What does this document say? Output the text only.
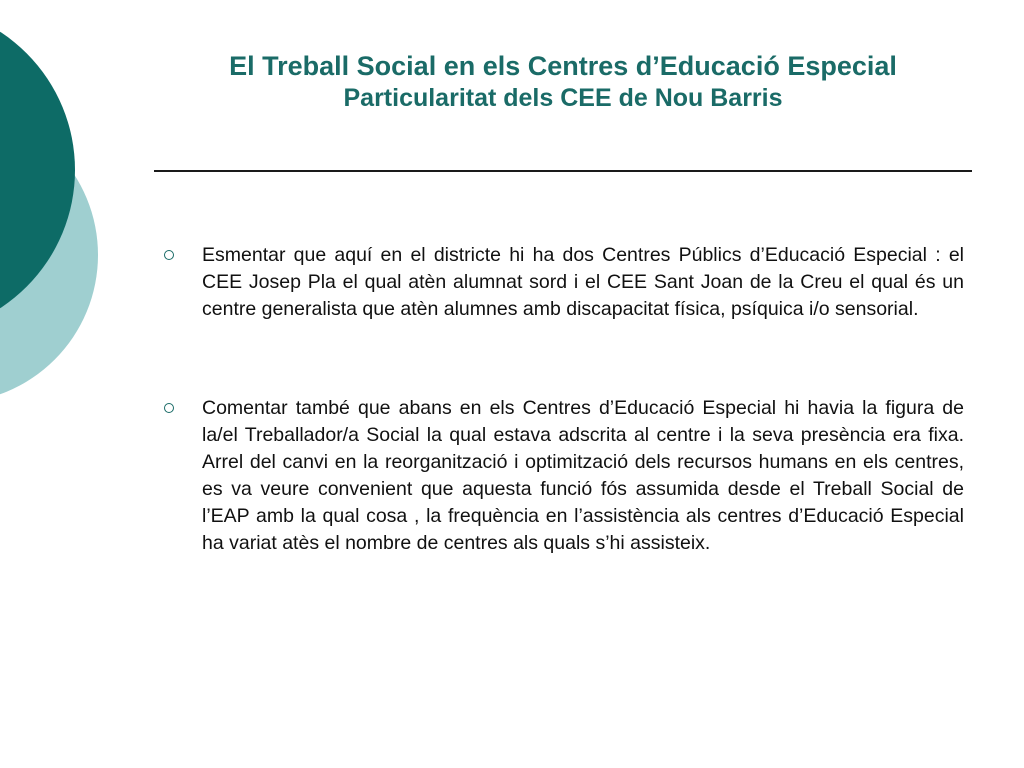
El Treball Social en els Centres d’Educació Especial
Particularitat dels CEE de Nou Barris
Esmentar que aquí en el districte hi ha dos Centres Públics d’Educació Especial : el CEE Josep Pla el qual atèn alumnat sord i el CEE Sant Joan de la Creu el qual és un centre generalista que atèn alumnes amb discapacitat física, psíquica i/o sensorial.
Comentar també que abans en els Centres d’Educació Especial hi havia la figura de la/el Treballador/a Social la qual estava adscrita al centre i la seva presència era fixa. Arrel del canvi en la reorganització i optimització dels recursos humans en els centres, es va veure convenient que aquesta funció fós assumida desde el Treball Social de l’EAP amb la qual cosa , la frequència en l’assistència als centres d’Educació Especial ha variat atès el nombre de centres als quals s’hi assisteix.
